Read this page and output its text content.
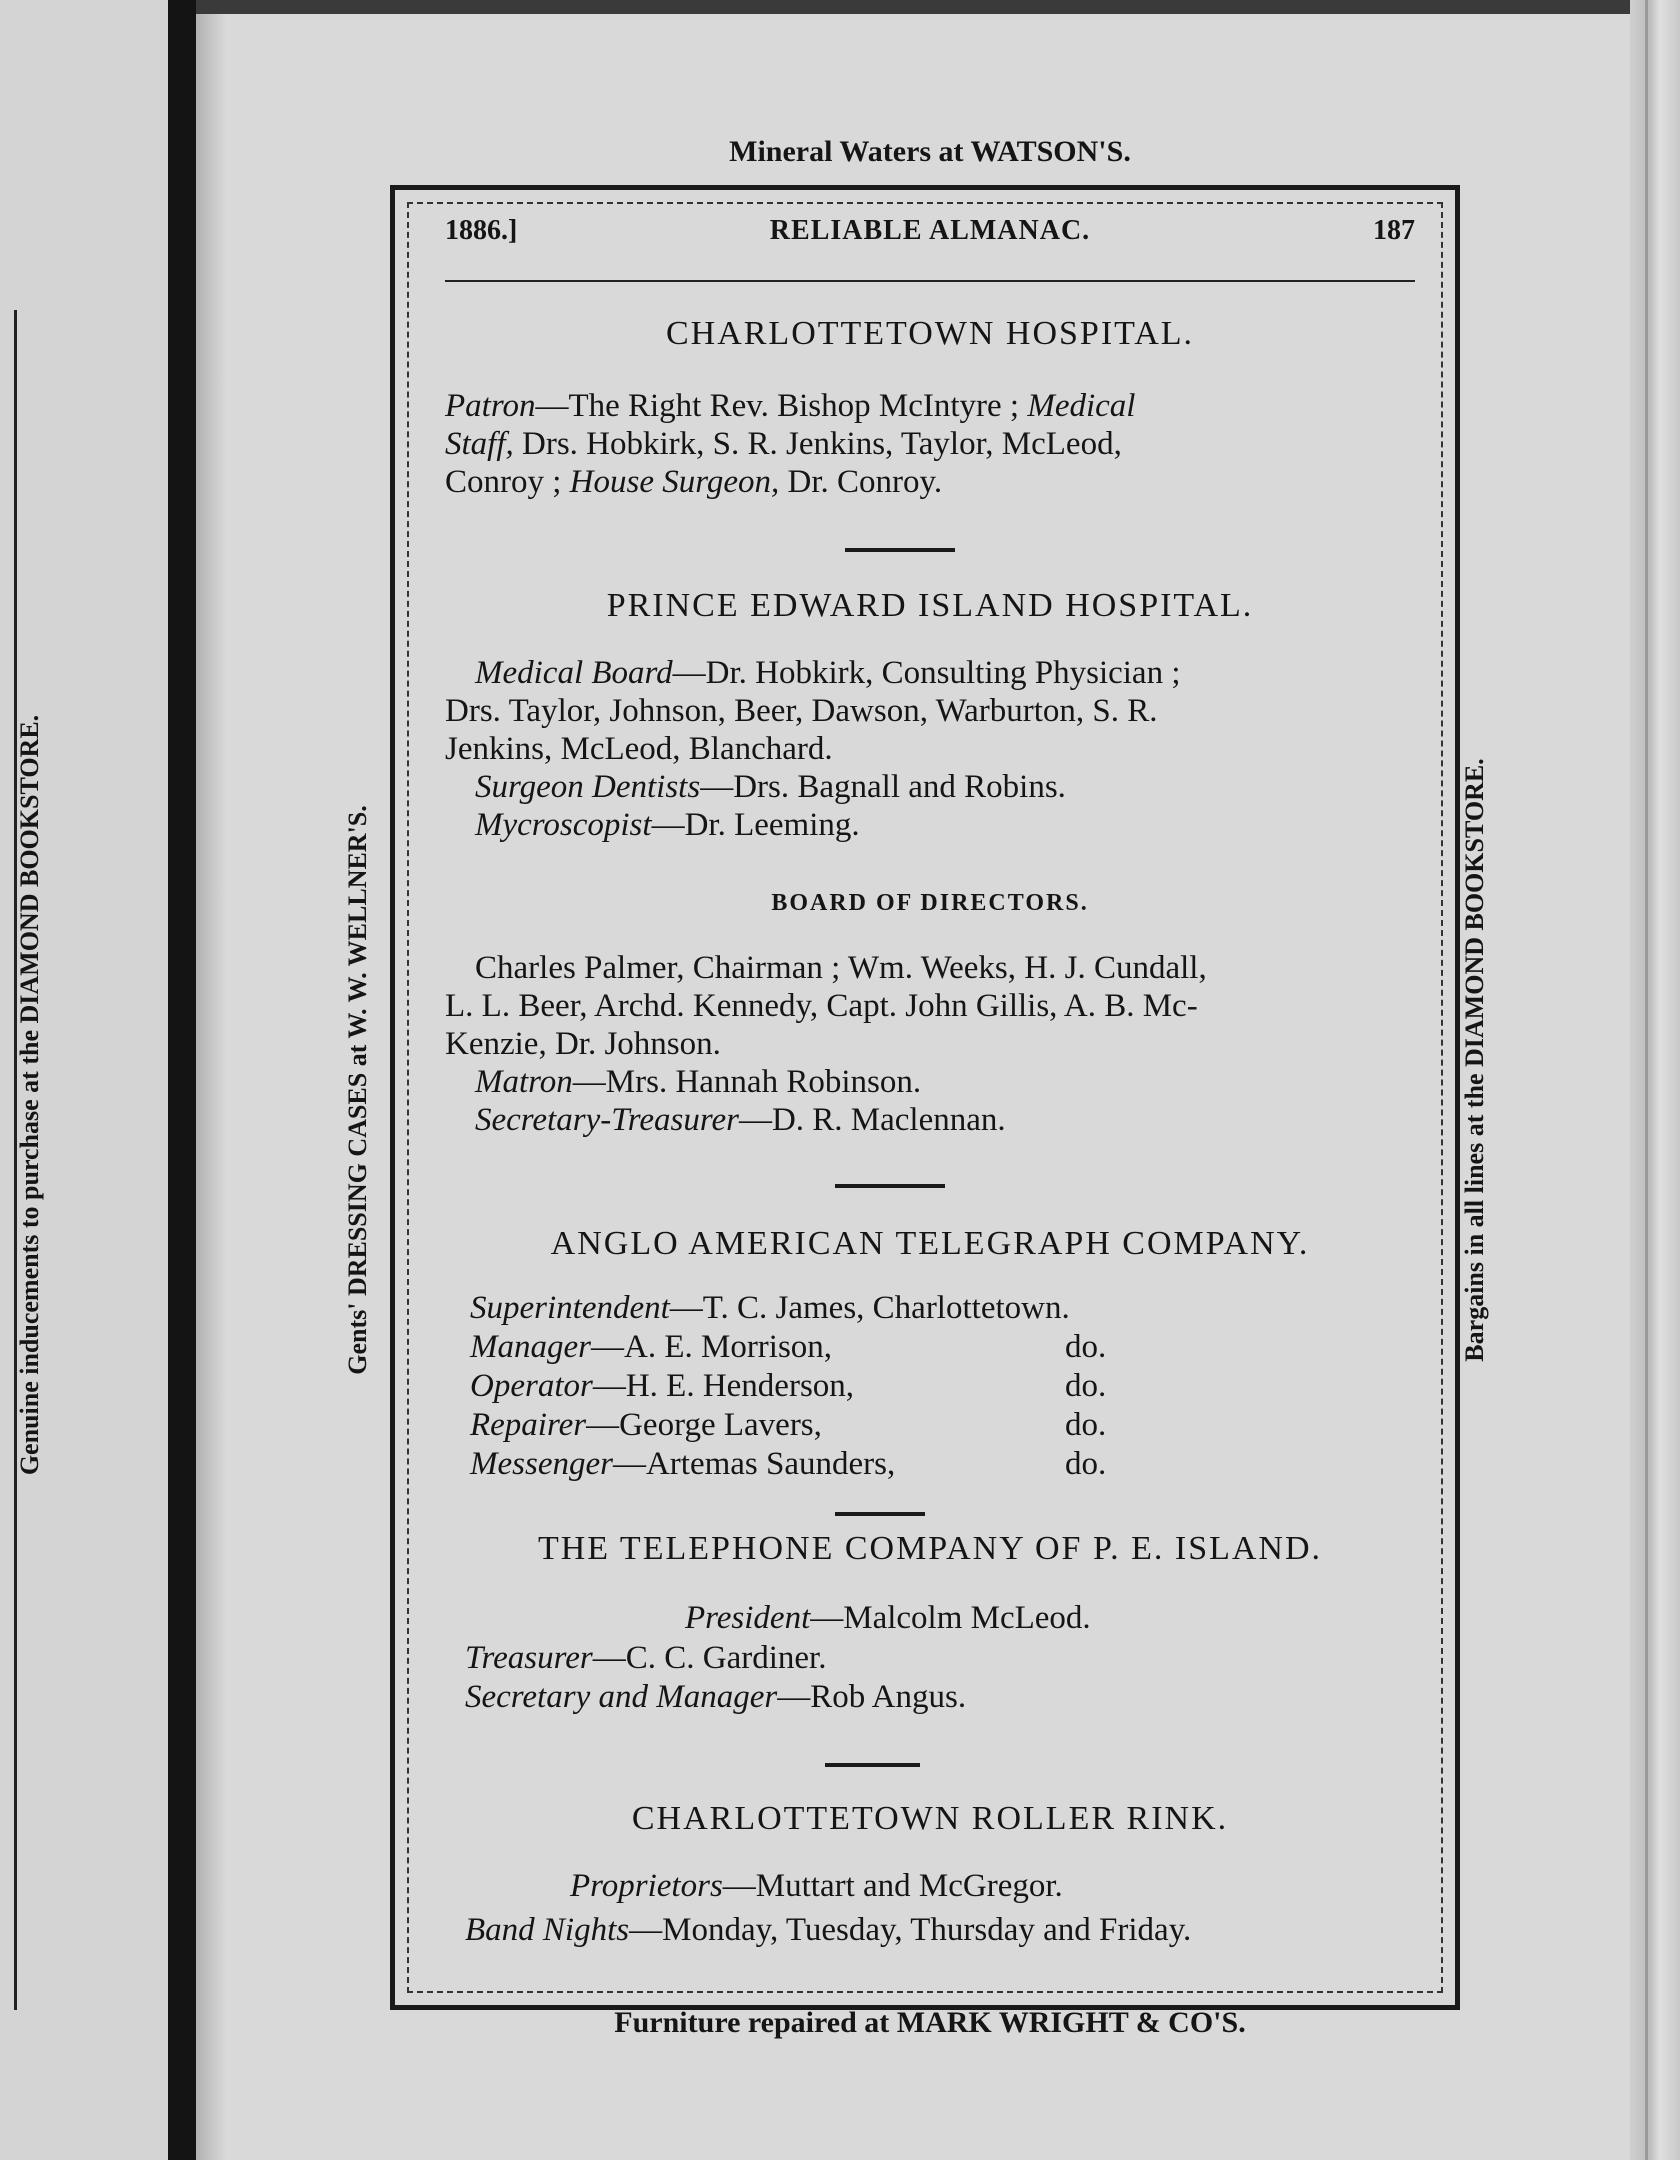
Genuine inducements to purchase at the DIAMOND BOOKSTORE.	Gents' DRESSING CASES at W. W. WELLNER'S.	Bargains in all lines at the DIAMOND BOOKSTORE.
Mineral Waters at WATSON'S.
Furniture repaired at MARK WRIGHT & CO'S.
1886.]	RELIABLE ALMANAC.	187
CHARLOTTETOWN HOSPITAL.
Patron—The Right Rev. Bishop McIntyre ; Medical
Staff, Drs. Hobkirk, S. R. Jenkins, Taylor, McLeod,
Conroy ; House Surgeon, Dr. Conroy.
PRINCE EDWARD ISLAND HOSPITAL.
Medical Board—Dr. Hobkirk, Consulting Physician ;
Drs. Taylor, Johnson, Beer, Dawson, Warburton, S. R.
Jenkins, McLeod, Blanchard.
Surgeon Dentists—Drs. Bagnall and Robins.
Mycroscopist—Dr. Leeming.
BOARD OF DIRECTORS.
Charles Palmer, Chairman ; Wm. Weeks, H. J. Cundall,
L. L. Beer, Archd. Kennedy, Capt. John Gillis, A. B. Mc-
Kenzie, Dr. Johnson.
Matron—Mrs. Hannah Robinson.
Secretary-Treasurer—D. R. Maclennan.
ANGLO AMERICAN TELEGRAPH COMPANY.
Superintendent—T. C. James, Charlottetown.
Manager—A. E. Morrison,	do.
Operator—H. E. Henderson,	do.
Repairer—George Lavers,	do.
Messenger—Artemas Saunders,	do.
THE TELEPHONE COMPANY OF P. E. ISLAND.
President—Malcolm McLeod.
Treasurer—C. C. Gardiner.
Secretary and Manager—Rob Angus.
CHARLOTTETOWN ROLLER RINK.
Proprietors—Muttart and McGregor.
Band Nights—Monday, Tuesday, Thursday and Friday.
